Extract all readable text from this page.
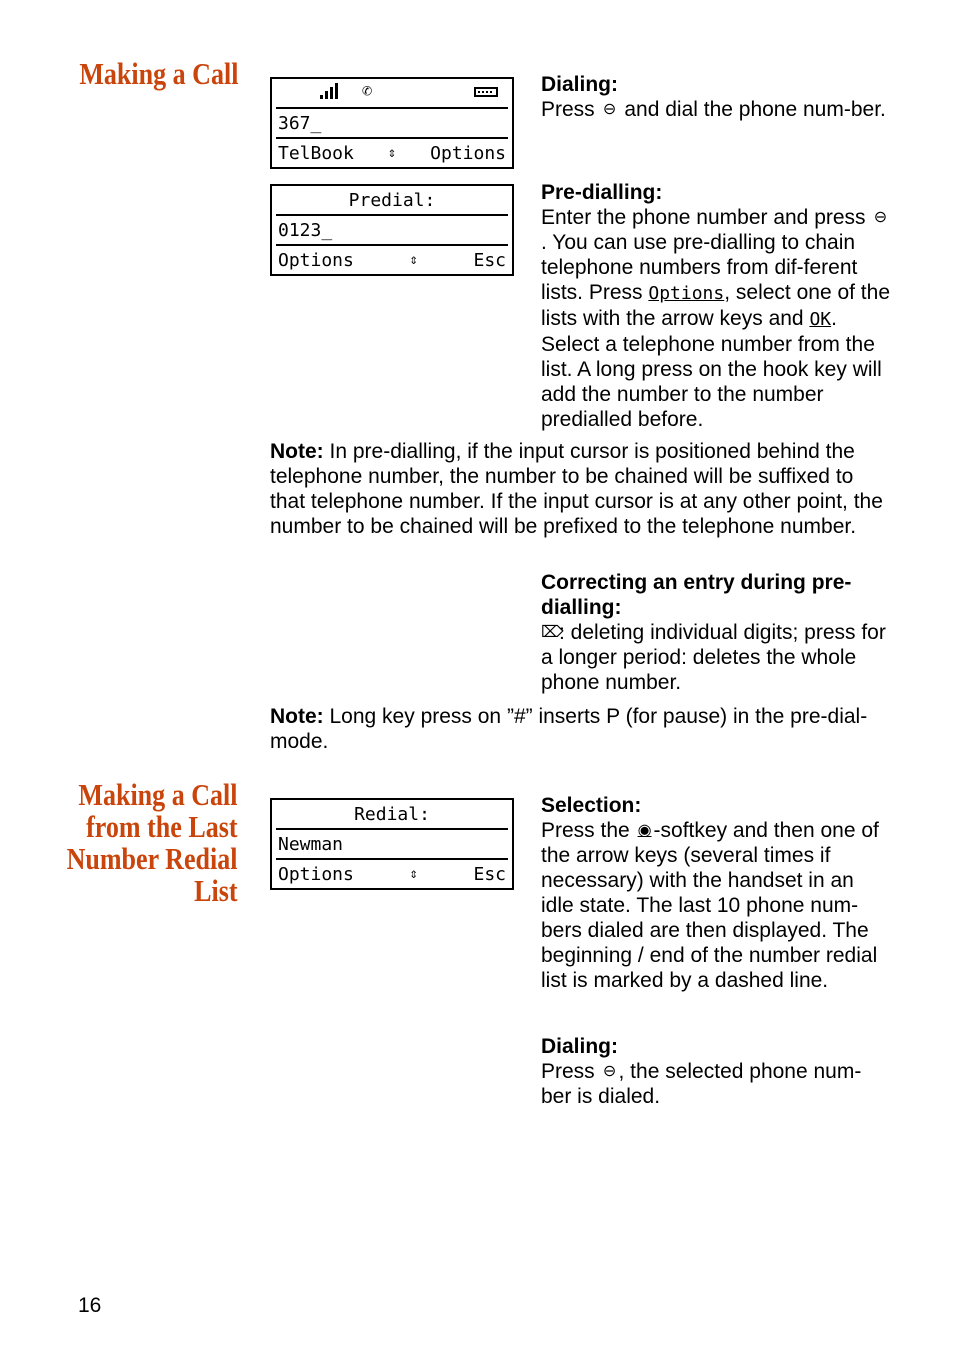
Making a Call
Making a Call
from the Last
Number Redial
List
✆
367_
TelBook ⇕ Options
Predial:
0123_
Options	⇕	Esc
Redial:
Newman
Options	⇕	Esc
Dialing:
Press ⊖ and dial the phone num-ber.
Pre-dialling:
Enter the phone number and press ⊖. You can use pre-dialling to chain telephone numbers from dif-ferent lists. Press Options, select one of the lists with the arrow keys and OK. Select a telephone number from the list. A long press on the hook key will add the number to the number predialled before.
Note: In pre-dialling, if the input cursor is positioned behind the telephone number, the number to be chained will be suffixed to that telephone number. If the input cursor is at any other point, the number to be chained will be prefixed to the telephone number.
Correcting an entry during pre-dialling:
⌦: deleting individual digits; press for a longer period: deletes the whole phone number.
Note: Long key press on ”#” inserts P (for pause) in the pre-dial-mode.
Selection:
Press the ◉-softkey and then one of the arrow keys (several times if necessary) with the handset in an idle state. The last 10 phone num-bers dialed are then displayed. The beginning / end of the number redial list is marked by a dashed line.
Dialing:
Press ⊖ , the selected phone num-ber is dialed.
16
